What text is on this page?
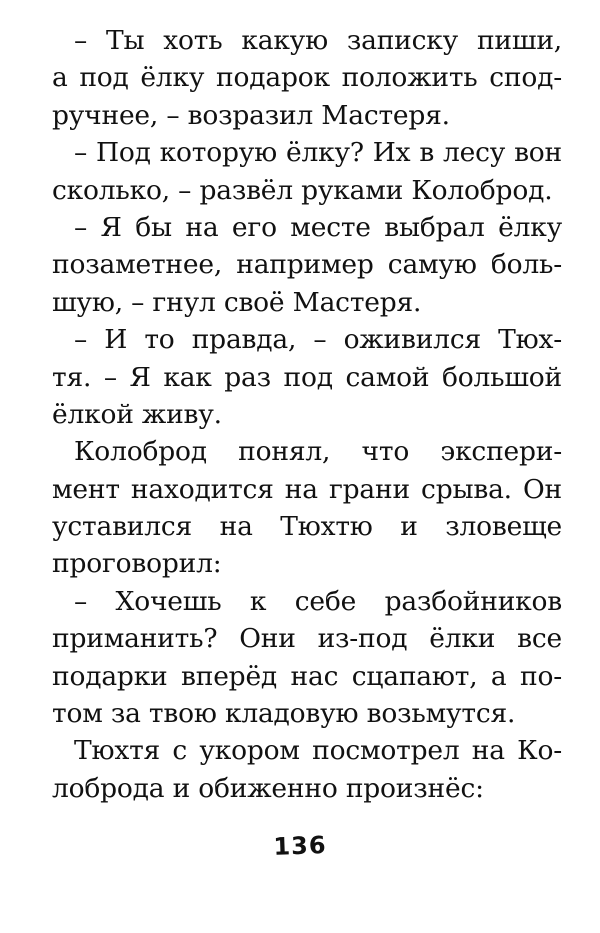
– Ты хоть какую записку пиши,
а под ёлку подарок положить спод-
ручнее, – возразил Мастеря.
– Под которую ёлку? Их в лесу вон
сколько, – развёл руками Колоброд.
– Я бы на его месте выбрал ёлку
позаметнее, например самую боль-
шую, – гнул своё Мастеря.
– И то правда, – оживился Тюх-
тя. – Я как раз под самой большой
ёлкой живу.
Колоброд понял, что экспери-
мент находится на грани срыва. Он
уставился на Тюхтю и зловеще
проговорил:
– Хочешь к себе разбойников
приманить? Они из-под ёлки все
подарки вперёд нас сцапают, а по-
том за твою кладовую возьмутся.
Тюхтя с укором посмотрел на Ко-
лоброда и обиженно произнёс:
136
